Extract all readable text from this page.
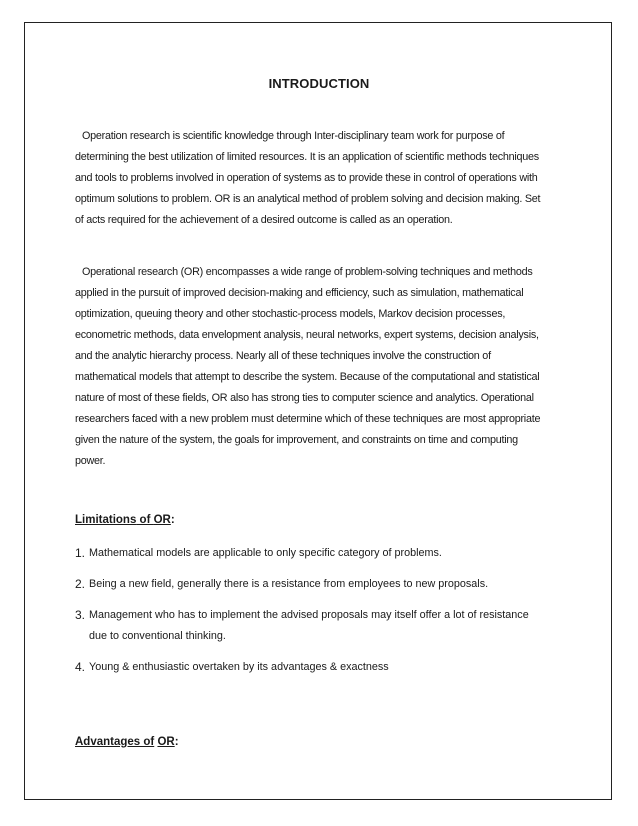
INTRODUCTION
Operation research is scientific knowledge through Inter-disciplinary team work for purpose of determining the best utilization of limited resources. It is an application of scientific methods techniques and tools to problems involved in operation of systems as to provide these in control of operations with optimum solutions to problem. OR is an analytical method of problem solving and decision making. Set of acts required for the achievement of a desired outcome is called as an operation.
Operational research (OR) encompasses a wide range of problem-solving techniques and methods applied in the pursuit of improved decision-making and efficiency, such as simulation, mathematical optimization, queuing theory and other stochastic-process models, Markov decision processes, econometric methods, data envelopment analysis, neural networks, expert systems, decision analysis, and the analytic hierarchy process. Nearly all of these techniques involve the construction of mathematical models that attempt to describe the system. Because of the computational and statistical nature of most of these fields, OR also has strong ties to computer science and analytics. Operational researchers faced with a new problem must determine which of these techniques are most appropriate given the nature of the system, the goals for improvement, and constraints on time and computing power.
Limitations of OR:
1. Mathematical models are applicable to only specific category of problems.
2. Being a new field, generally there is a resistance from employees to new proposals.
3. Management who has to implement the advised proposals may itself offer a lot of resistance due to conventional thinking.
4. Young & enthusiastic overtaken by its advantages & exactness
Advantages of OR:
